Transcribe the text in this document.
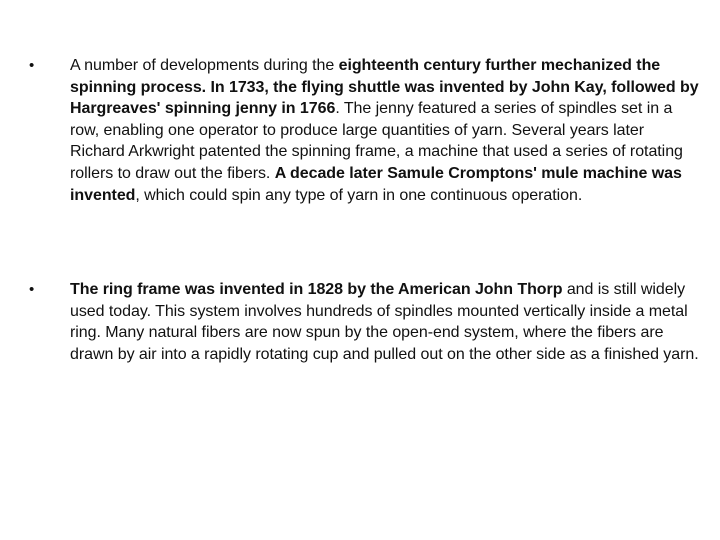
• A number of developments during the eighteenth century further mechanized the spinning process. In 1733, the flying shuttle was invented by John Kay, followed by Hargreaves' spinning jenny in 1766. The jenny featured a series of spindles set in a row, enabling one operator to produce large quantities of yarn. Several years later Richard Arkwright patented the spinning frame, a machine that used a series of rotating rollers to draw out the fibers. A decade later Samule Cromptons' mule machine was invented, which could spin any type of yarn in one continuous operation.

• The ring frame was invented in 1828 by the American John Thorp and is still widely used today. This system involves hundreds of spindles mounted vertically inside a metal ring. Many natural fibers are now spun by the open-end system, where the fibers are drawn by air into a rapidly rotating cup and pulled out on the other side as a finished yarn.
